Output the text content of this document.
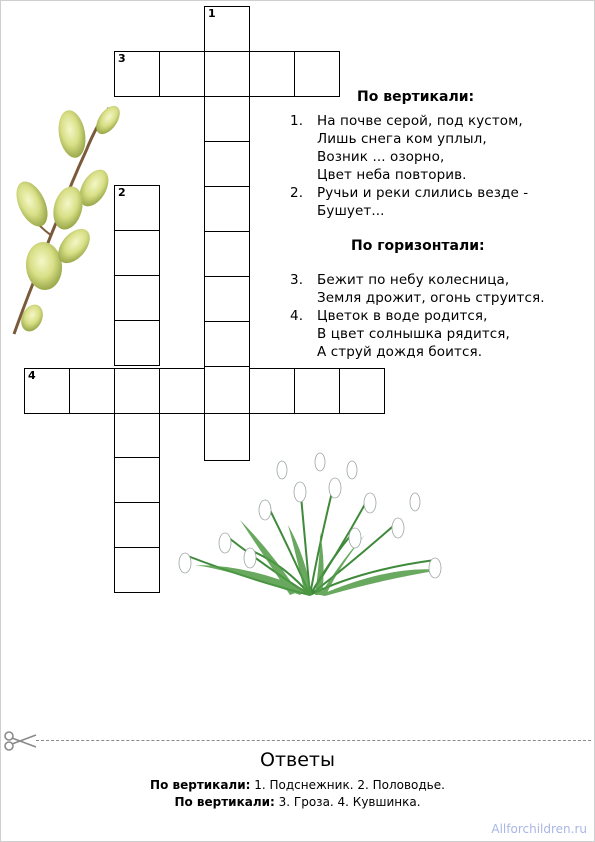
1
3
2
4
По вертикали:
1. На почве серой, под кустом,
Лишь снега ком уплыл,
Возник ... озорно,
Цвет неба повторив.
2. Ручьи и реки слились везде -
Бушует...
По горизонтали:
3. Бежит по небу колесница,
Земля дрожит, огонь струится.
4. Цветок в воде родится,
В цвет солнышка рядится,
А струй дождя боится.
Ответы
По вертикали: 1. Подснежник. 2. Половодье.
По вертикали: 3. Гроза. 4. Кувшинка.
Allforchildren.ru
